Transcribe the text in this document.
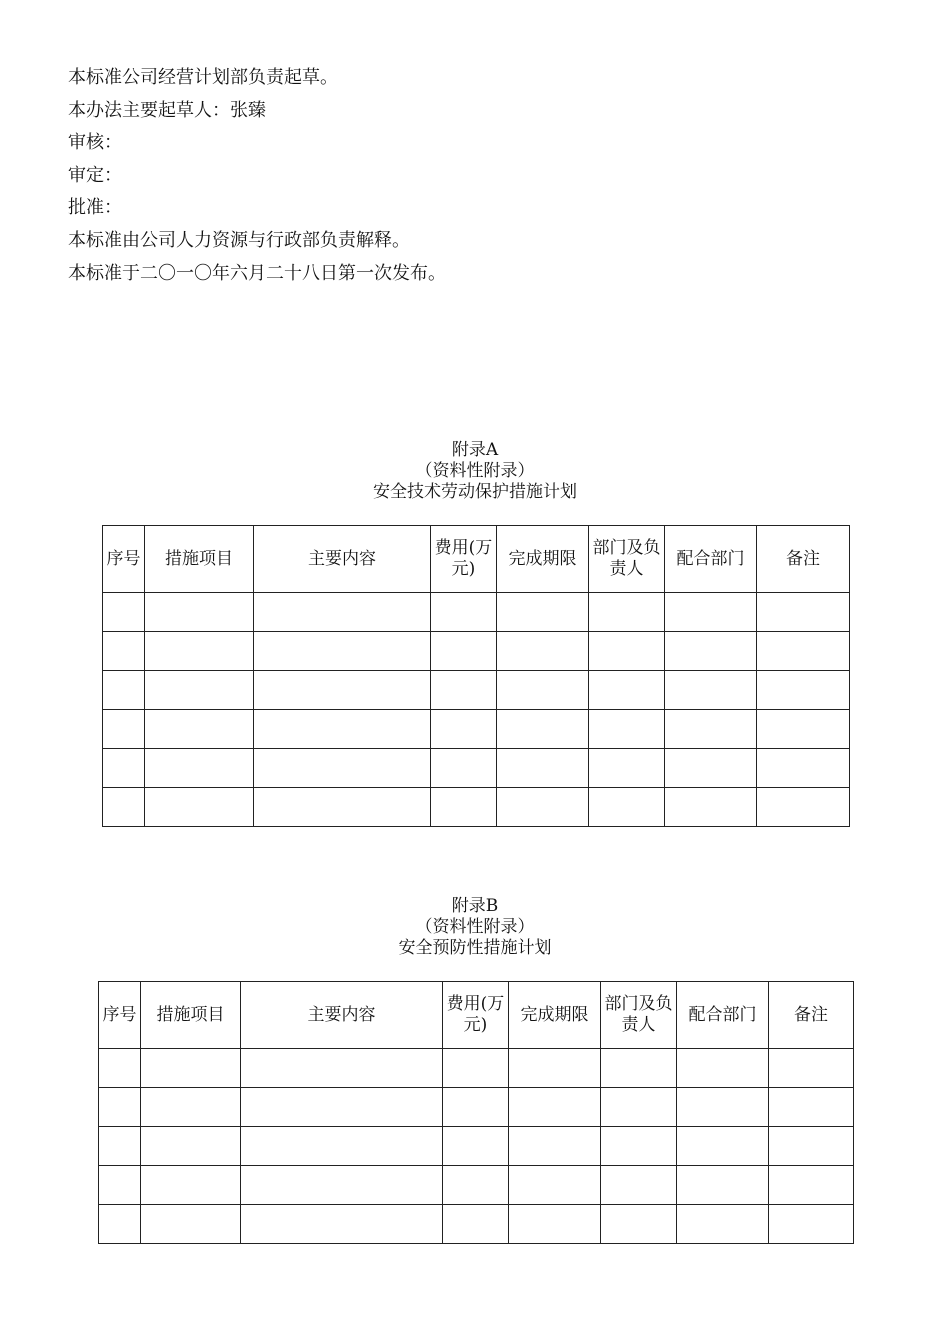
本标准公司经营计划部负责起草。

本办法主要起草人：张臻

审核：

审定：

批准：

本标准由公司人力资源与行政部负责解释。

本标准于二〇一〇年六月二十八日第一次发布。

附录A
（资料性附录）
安全技术劳动保护措施计划
序号	措施项目	主要内容	费用(万元)	完成期限	部门及负责人	配合部门	备注

附录B
（资料性附录）
安全预防性措施计划
序号	措施项目	主要内容	费用(万元)	完成期限	部门及负责人	配合部门	备注
